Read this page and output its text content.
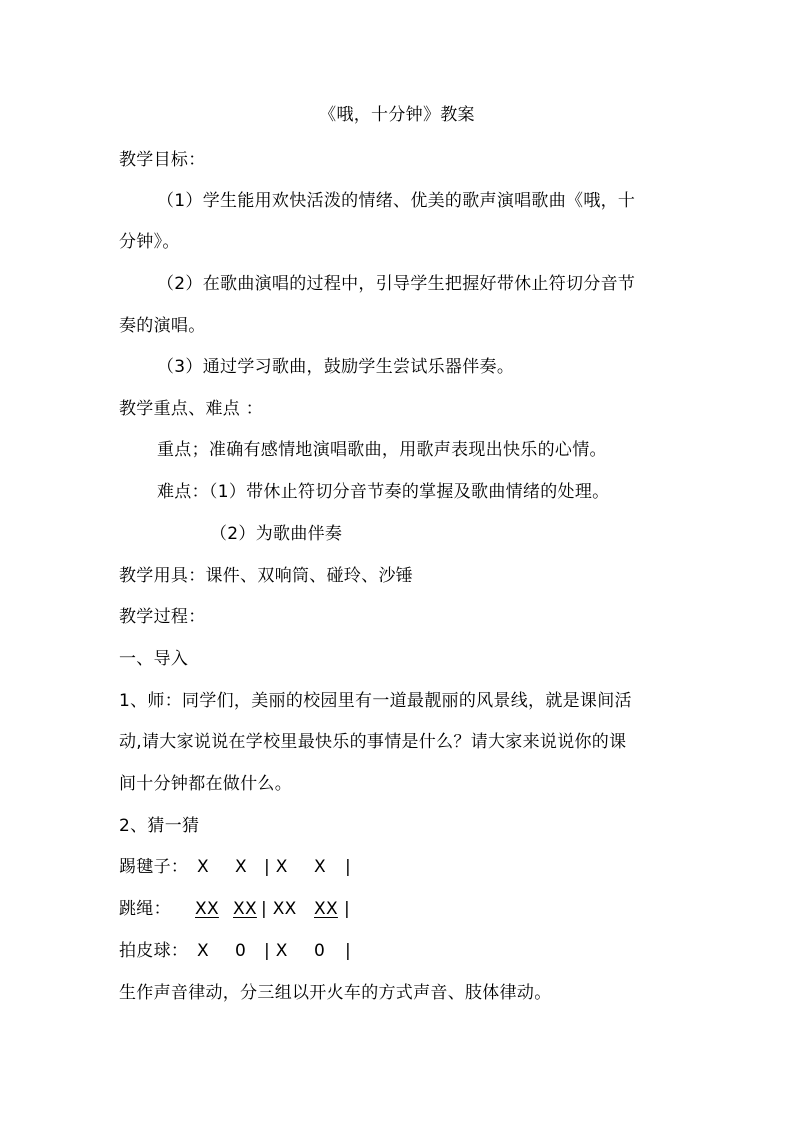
《哦，十分钟》教案
教学目标：
（1）学生能用欢快活泼的情绪、优美的歌声演唱歌曲《哦，十
分钟》。
（2）在歌曲演唱的过程中，引导学生把握好带休止符切分音节
奏的演唱。
（3）通过学习歌曲，鼓励学生尝试乐器伴奏。
教学重点、难点 ：
重点；准确有感情地演唱歌曲，用歌声表现出快乐的心情。
难点：（1）带休止符切分音节奏的掌握及歌曲情绪的处理。
（2）为歌曲伴奏
教学用具：课件、双响筒、碰玲、沙锤
教学过程：
一、导入
1、师：同学们，美丽的校园里有一道最靓丽的风景线，就是课间活
动,请大家说说在学校里最快乐的事情是什么？请大家来说说你的课
间十分钟都在做什么。
2、猜一猜
踢毽子： X X | X X |
跳绳： XX XX | XX XX |
拍皮球： X 0 | X 0 |
生作声音律动，分三组以开火车的方式声音、肢体律动。
